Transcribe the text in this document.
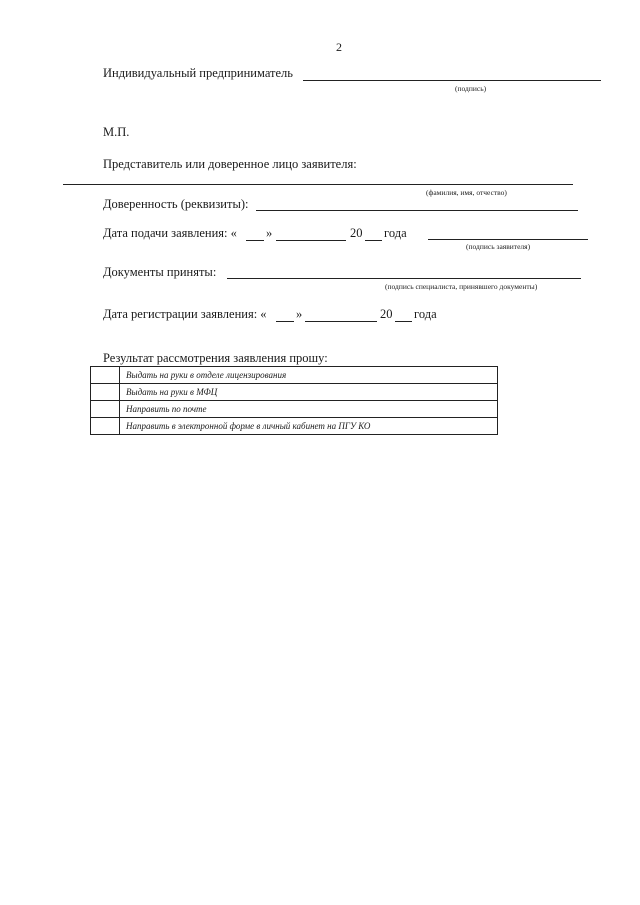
2
Индивидуальный предприниматель
(подпись)
М.П.
Представитель или доверенное лицо заявителя:
(фамилия, имя, отчество)
Доверенность (реквизиты):
Дата подачи заявления: « »	20 года
(подпись заявителя)
Документы приняты:
(подпись специалиста, принявшего документы)
Дата регистрации заявления: « »	20 года
Результат рассмотрения заявления прошу:
	Выдать на руки в отделе лицензирования
	Выдать на руки в МФЦ
	Направить по почте
	Направить в электронной форме в личный кабинет на ПГУ КО
